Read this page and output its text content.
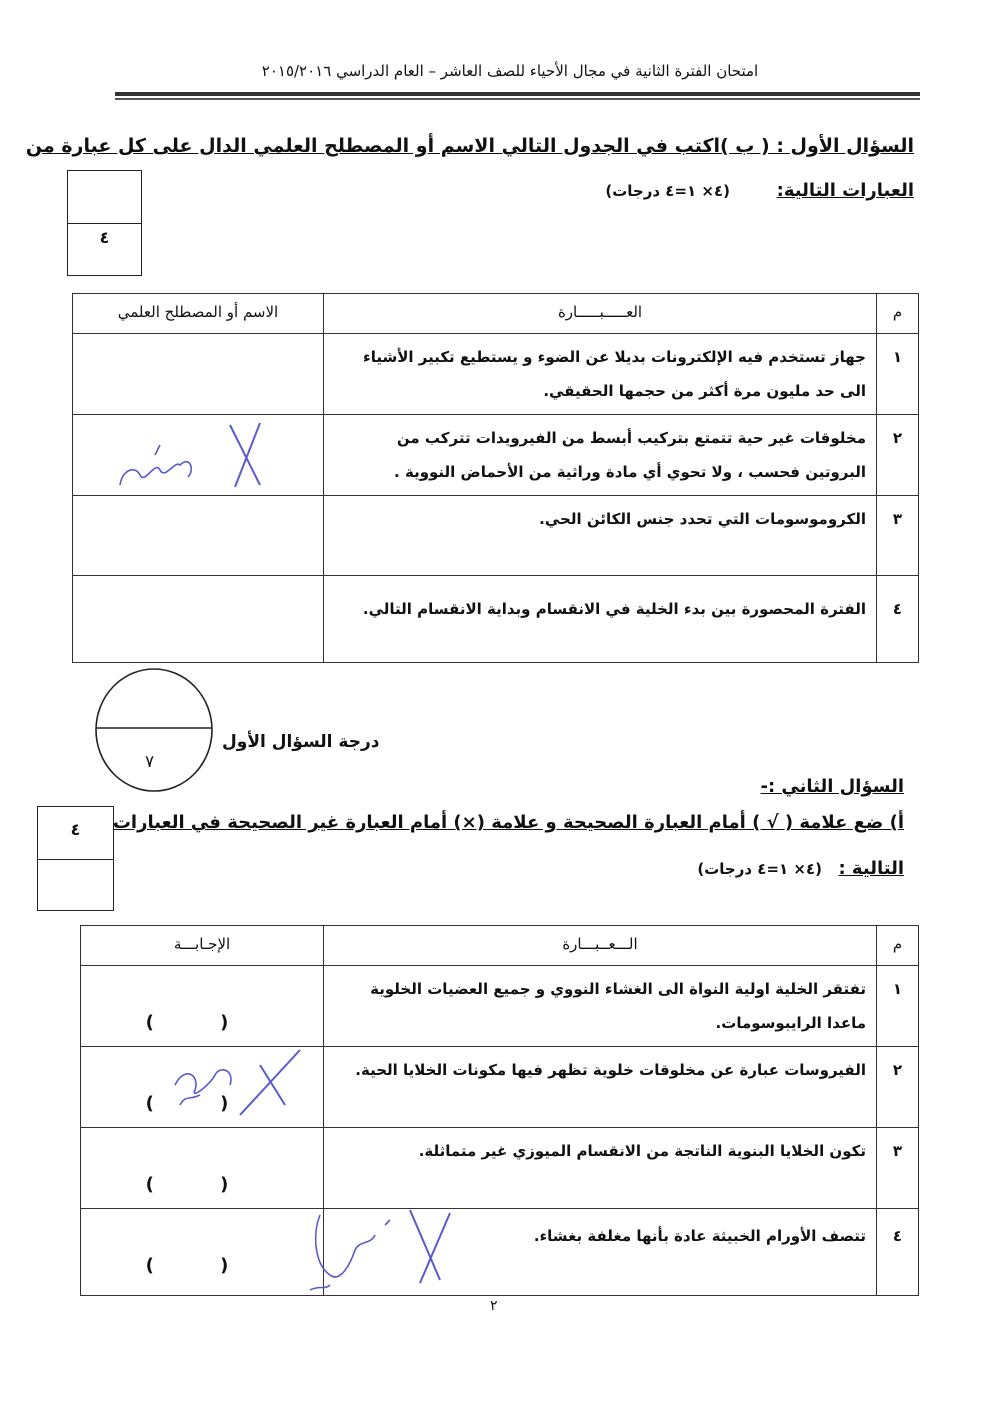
امتحان الفترة الثانية في مجال الأحياء للصف العاشر – العام الدراسي ٢٠١٥/٢٠١٦
السؤال الأول : ( ب )اكتب في الجدول التالي الاسم أو المصطلح العلمي الدال على كل عبارة من
العبارات التالية:
(٤× ١=٤ درجات)
٤
م	العـــــبـــــارة	الاسم أو المصطلح العلمي
١	جهاز تستخدم فيه الإلكترونات بديلا عن الضوء و يستطيع تكبير الأشياء الى حد مليون مرة أكثر من حجمها الحقيقي.	
٢	مخلوقات غير حية تتمتع بتركيب أبسط من الفيرويدات تتركب من البروتين فحسب ، ولا تحوي أي مادة وراثية من الأحماض النووية .	
٣	الكروموسومات التي تحدد جنس الكائن الحي.	
٤	الفترة المحصورة بين بدء الخلية في الانقسام وبداية الانقسام التالي.	
٧
درجة السؤال الأول
السؤال الثاني :-
أ) ضع علامة ( √ ) أمام العبارة الصحيحة و علامة (×) أمام العبارة غير الصحيحة في العبارات
التالية :
(٤× ١=٤ درجات)
٤
م	الـــعــبـــارة	الإجـابـــة
١	تفتقر الخلية اولية النواة الى الغشاء النووي و جميع العضيات الخلوية ماعدا الرايبوسومات.	( )
٢	الفيروسات عبارة عن مخلوقات خلوية تظهر فيها مكونات الخلايا الحية.	( )
٣	تكون الخلايا البنوية الناتجة من الانقسام الميوزي غير متماثلة.	( )
٤	تتصف الأورام الخبيثة عادة بأنها مغلفة بغشاء.	( )
٢
